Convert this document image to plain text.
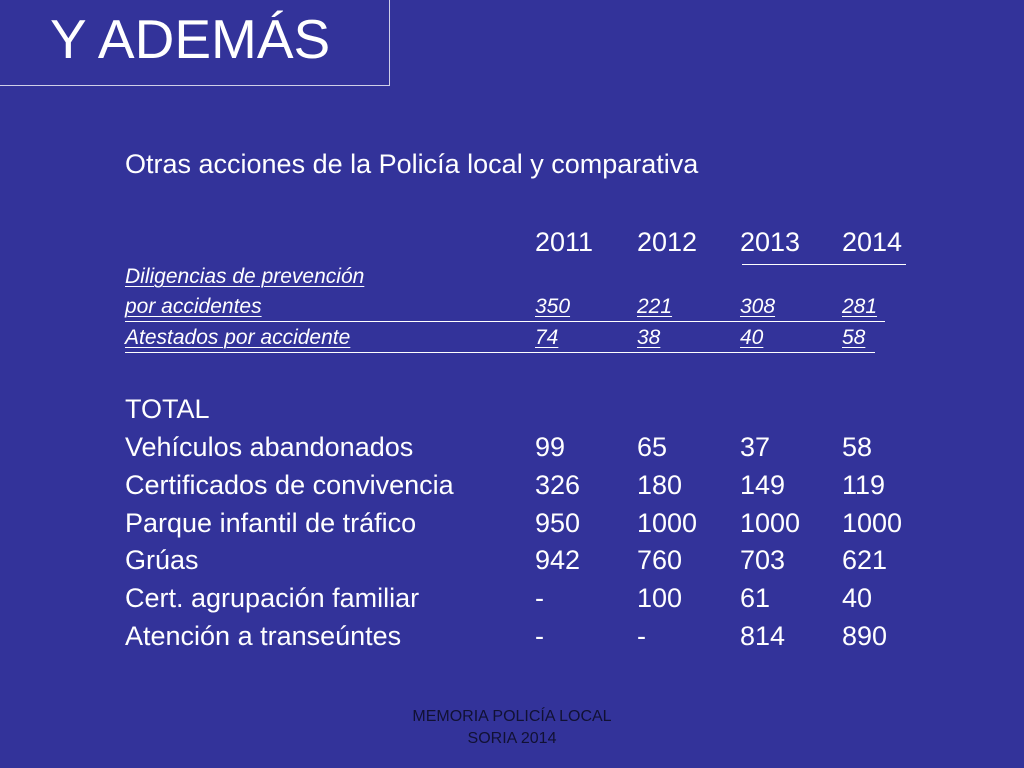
Y ADEMÁS
Otras acciones de la Policía local y comparativa
2011 2012 2013 2014
Diligencias de prevención
por accidentes	350	221	308	281
Atestados por accidente	74	38	40	58
TOTAL
Vehículos abandonados	99	65	37	58
Certificados de convivencia	326 180 149 119
Parque infantil de tráfico	950 1000 1000 1000
Grúas	942 760 703 621
Cert. agrupación familiar	-	100 61	40
Atención a transeúntes	-	-	814 890
MEMORIA POLICÍA LOCAL
SORIA 2014
